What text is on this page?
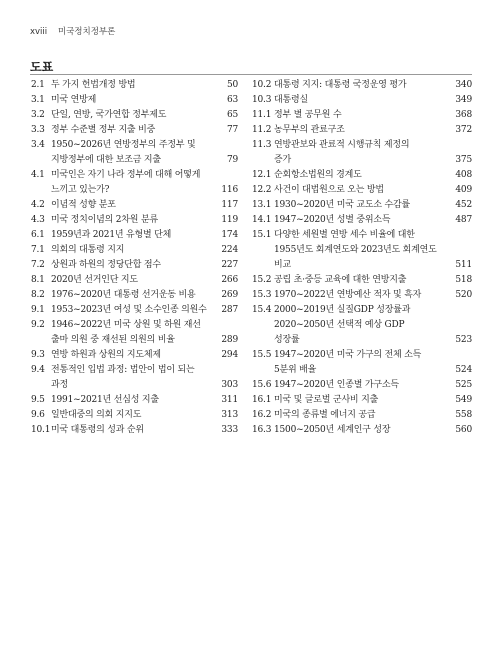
xviii 미국정치정부론
도표
2.1 두 가지 헌법개정 방법	50
3.1 미국 연방제	63
3.2 단일, 연방, 국가연합 정부제도	65
3.3 정부 수준별 정부 지출 비중	77
3.4 1950~2026년 연방정부의 주정부 및
지방정부에 대한 보조금 지출	79
4.1 미국인은 자기 나라 정부에 대해 어떻게
느끼고 있는가?	116
4.2 이념적 성향 분포	117
4.3 미국 정치이념의 2차원 분류	119
6.1 1959년과 2021년 유형별 단체	174
7.1 의회의 대통령 지지	224
7.2 상원과 하원의 정당단합 점수	227
8.1 2020년 선거인단 지도	266
8.2 1976~2020년 대통령 선거운동 비용	269
9.1 1953~2023년 여성 및 소수인종 의원수	287
9.2 1946~2022년 미국 상원 및 하원 재선
출마 의원 중 재선된 의원의 비율	289
9.3 연방 하원과 상원의 지도체제	294
9.4 전통적인 입법 과정: 법안이 법이 되는
과정	303
9.5 1991~2021년 선심성 지출	311
9.6 일반대중의 의회 지지도	313
10.1 미국 대통령의 성과 순위	333
10.2 대통령 지지: 대통령 국정운영 평가	340
10.3 대통령실	349
11.1 정부 별 공무원 수	368
11.2 농무부의 관료구조	372
11.3 연방관보와 관료적 시행규칙 제정의
증가	375
12.1 순회항소법원의 경계도	408
12.2 사건이 대법원으로 오는 방법	409
13.1 1930~2020년 미국 교도소 수감률	452
14.1 1947~2020년 성별 중위소득	487
15.1 다양한 세원별 연방 세수 비율에 대한
1955년도 회계연도와 2023년도 회계연도
비교	511
15.2 공립 초·중등 교육에 대한 연방지출	518
15.3 1970~2022년 연방예산 적자 및 흑자	520
15.4 2000~2019년 실질GDP 성장률과
2020~2050년 선택적 예상 GDP
성장률	523
15.5 1947~2020년 미국 가구의 전체 소득
5분위 배율	524
15.6 1947~2020년 인종별 가구소득	525
16.1 미국 및 글로벌 군사비 지출	549
16.2 미국의 종류별 에너지 공급	558
16.3 1500~2050년 세계인구 성장	560
